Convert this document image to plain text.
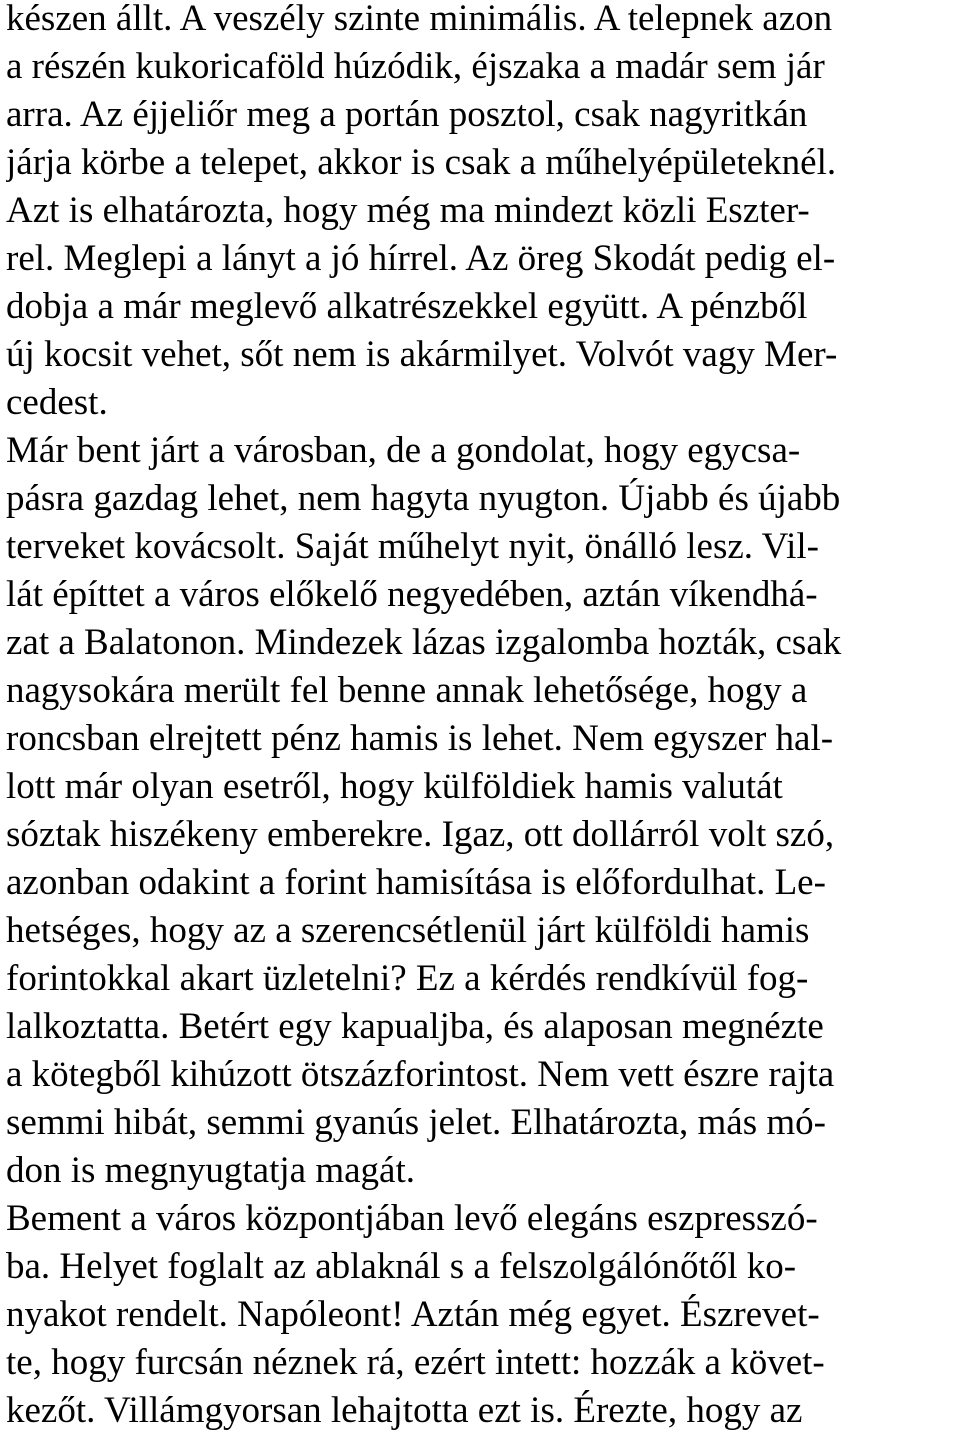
készen állt. A veszély szinte minimális. A telepnek azon
a részén kukoricaföld húzódik, éjszaka a madár sem jár
arra. Az éjjeliőr meg a portán posztol, csak nagyritkán
járja körbe a telepet, akkor is csak a műhelyépületeknél.
Azt is elhatározta, hogy még ma mindezt közli Eszter-
rel. Meglepi a lányt a jó hírrel. Az öreg Skodát pedig el-
dobja a már meglevő alkatrészekkel együtt. A pénzből
új kocsit vehet, sőt nem is akármilyet. Volvót vagy Mer-
cedest.
Már bent járt a városban, de a gondolat, hogy egycsa-
pásra gazdag lehet, nem hagyta nyugton. Újabb és újabb
terveket kovácsolt. Saját műhelyt nyit, önálló lesz. Vil-
lát építtet a város előkelő negyedében, aztán víkendhá-
zat a Balatonon. Mindezek lázas izgalomba hozták, csak
nagysokára merült fel benne annak lehetősége, hogy a
roncsban elrejtett pénz hamis is lehet. Nem egyszer hal-
lott már olyan esetről, hogy külföldiek hamis valutát
sóztak hiszékeny emberekre. Igaz, ott dollárról volt szó,
azonban odakint a forint hamisítása is előfordulhat. Le-
hetséges, hogy az a szerencsétlenül járt külföldi hamis
forintokkal akart üzletelni? Ez a kérdés rendkívül fog-
lalkoztatta. Betért egy kapualjba, és alaposan megnézte
a kötegből kihúzott ötszázforintost. Nem vett észre rajta
semmi hibát, semmi gyanús jelet. Elhatározta, más mó-
don is megnyugtatja magát.
Bement a város központjában levő elegáns eszpresszó-
ba. Helyet foglalt az ablaknál s a felszolgálónőtől ko-
nyakot rendelt. Napóleont! Aztán még egyet. Észrevet-
te, hogy furcsán néznek rá, ezért intett: hozzák a követ-
kezőt. Villámgyorsan lehajtotta ezt is. Érezte, hogy az
